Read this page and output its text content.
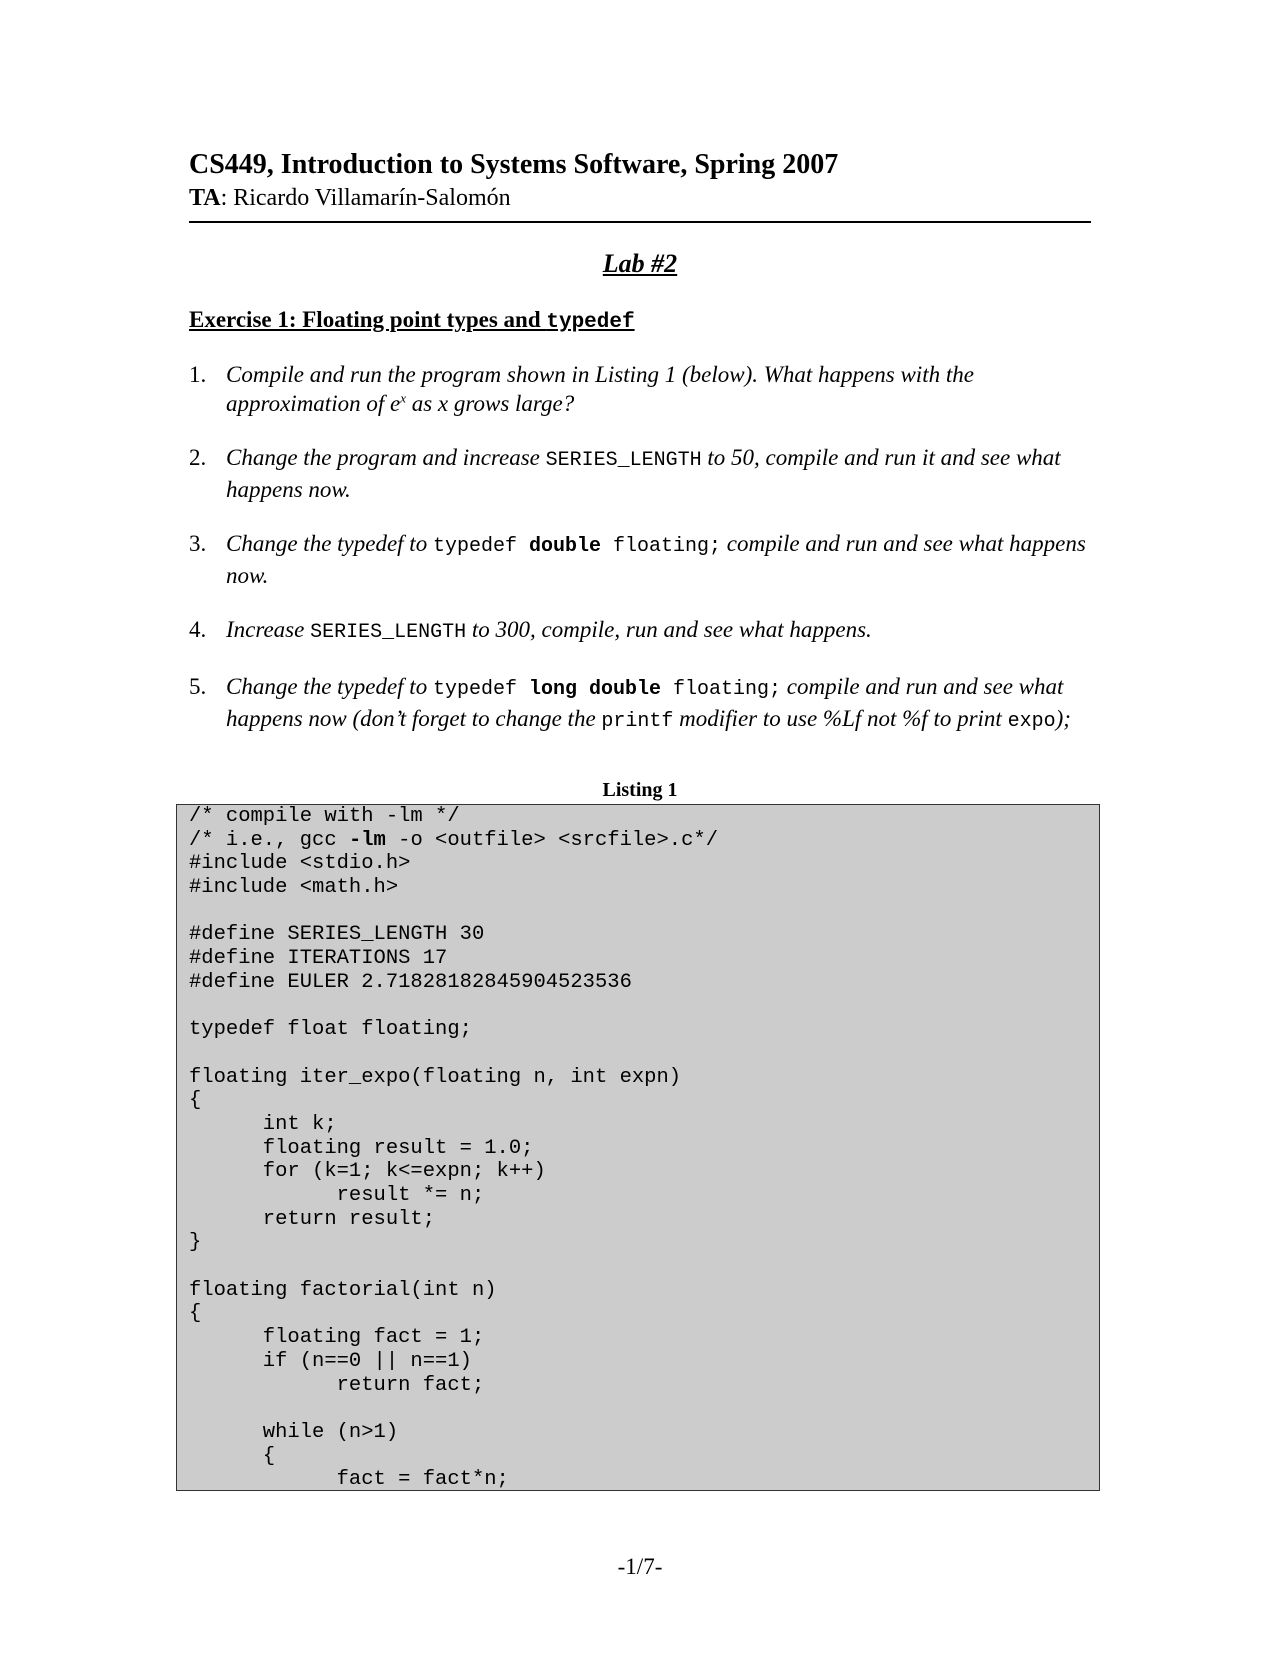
CS449, Introduction to Systems Software, Spring 2007
TA: Ricardo Villamarín-Salomón
Lab #2
Exercise 1: Floating point types and typedef
1. Compile and run the program shown in Listing 1 (below). What happens with the approximation of $e^x$ as x grows large?
2. Change the program and increase SERIES_LENGTH to 50, compile and run it and see what happens now.
3. Change the typedef to typedef double floating; compile and run and see what happens now.
4. Increase SERIES_LENGTH to 300, compile, run and see what happens.
5. Change the typedef to typedef long double floating; compile and run and see what happens now (don’t forget to change the printf modifier to use %Lf not %f to print expo);
Listing 1
/* compile with -lm */
/* i.e., gcc -lm -o <outfile> <srcfile>.c*/
#include <stdio.h>
#include <math.h>
#define SERIES_LENGTH 30
#define ITERATIONS 17
#define EULER 2.71828182845904523536
typedef float floating;
floating iter_expo(floating n, int expn)
{
int k;
floating result = 1.0;
for (k=1; k<=expn; k++)
result *= n;
return result;
}
floating factorial(int n)
{
floating fact = 1;
if (n==0 || n==1)
return fact;
while (n>1)
{
fact = fact*n;
-1/7-
